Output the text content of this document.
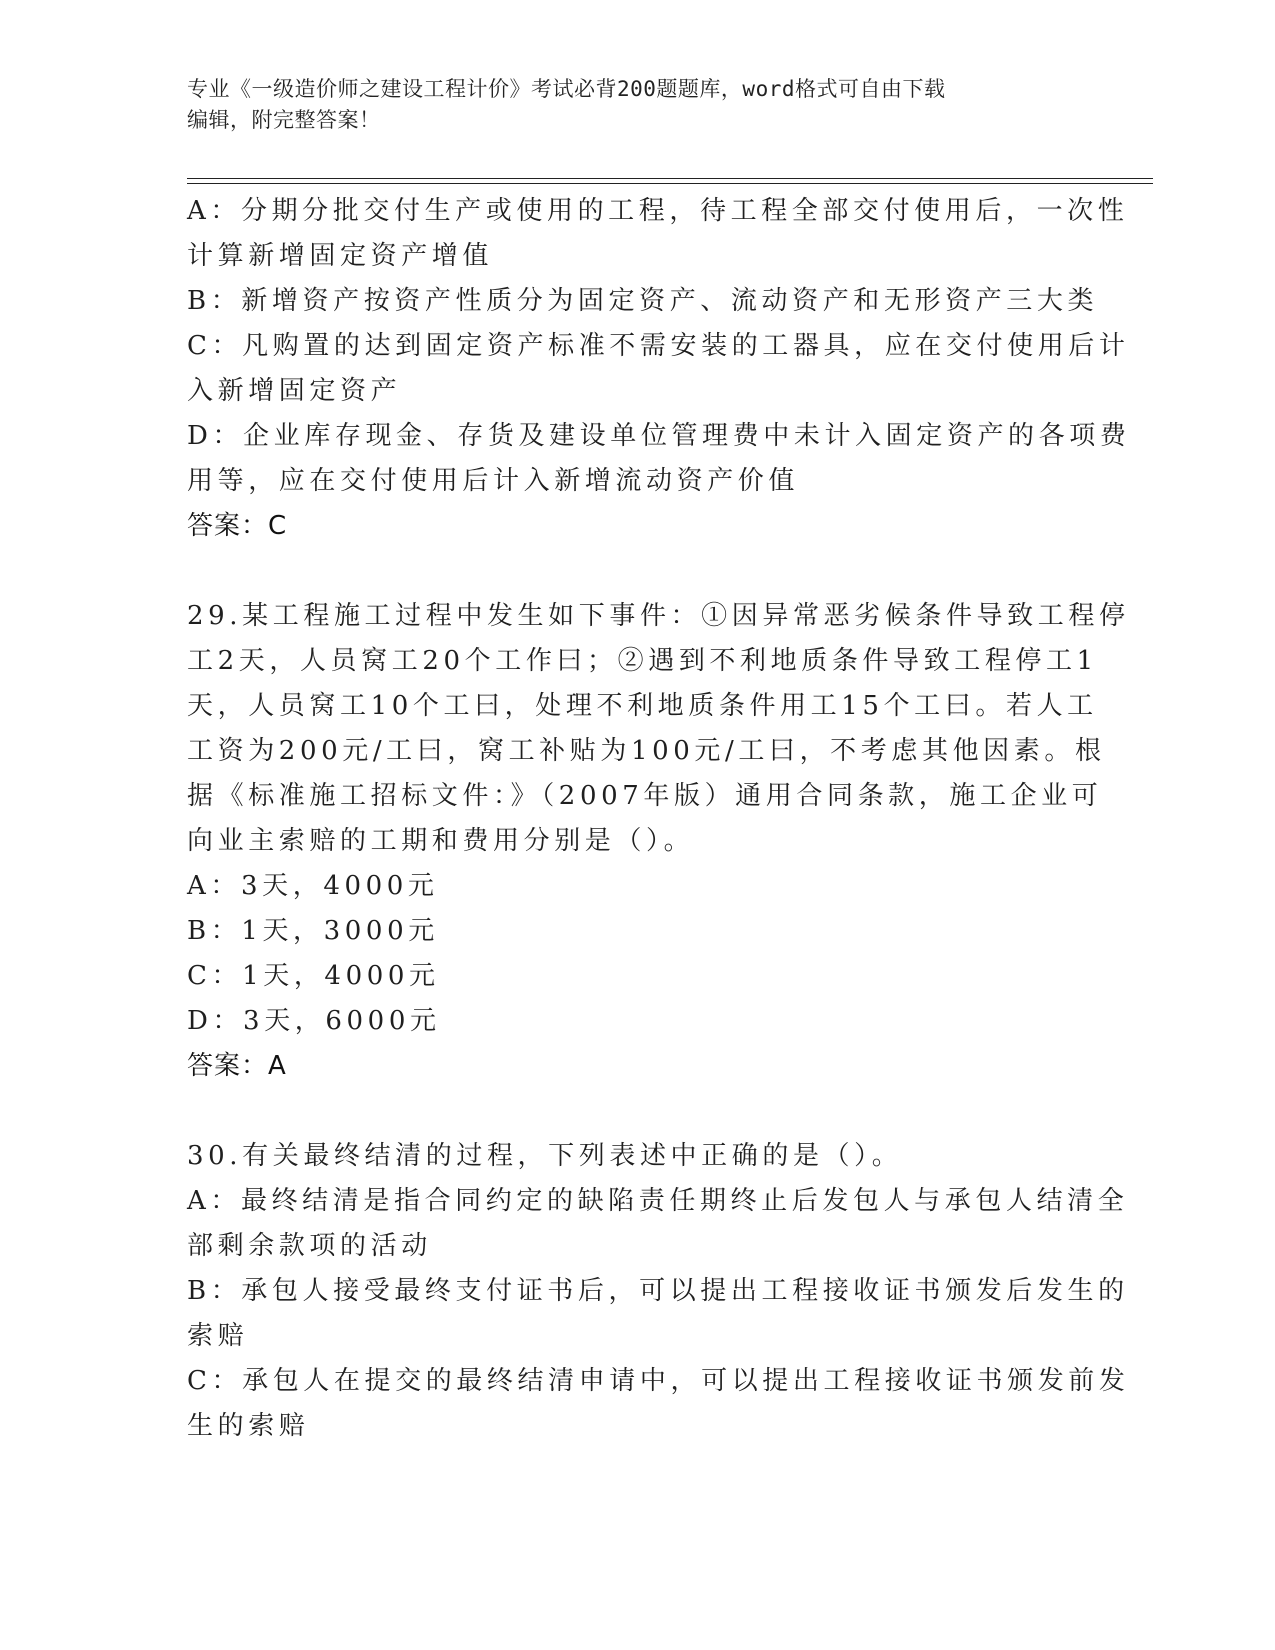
专业《一级造价师之建设工程计价》考试必背200题题库，word格式可自由下载
编辑，附完整答案！
A：分期分批交付生产或使用的工程，待工程全部交付使用后，一次性
计算新增固定资产增值
B：新增资产按资产性质分为固定资产、流动资产和无形资产三大类
C：凡购置的达到固定资产标准不需安装的工器具，应在交付使用后计
入新增固定资产
D：企业库存现金、存货及建设单位管理费中未计入固定资产的各项费
用等，应在交付使用后计入新增流动资产价值
答案：C
29.某工程施工过程中发生如下事件：①因异常恶劣候条件导致工程停
工2天，人员窝工20个工作曰；②遇到不利地质条件导致工程停工1
天，人员窝工10个工曰，处理不利地质条件用工15个工曰。若人工
工资为200元/工曰，窝工补贴为100元/工曰，不考虑其他因素。根
据《标准施工招标文件：》（2007年版）通用合同条款，施工企业可
向业主索赔的工期和费用分别是（）。
A：3天，4000元
B：1天，3000元
C：1天，4000元
D：3天，6000元
答案：A
30.有关最终结清的过程，下列表述中正确的是（）。
A：最终结清是指合同约定的缺陷责任期终止后发包人与承包人结清全
部剩余款项的活动
B：承包人接受最终支付证书后，可以提出工程接收证书颁发后发生的
索赔
C：承包人在提交的最终结清申请中，可以提出工程接收证书颁发前发
生的索赔
